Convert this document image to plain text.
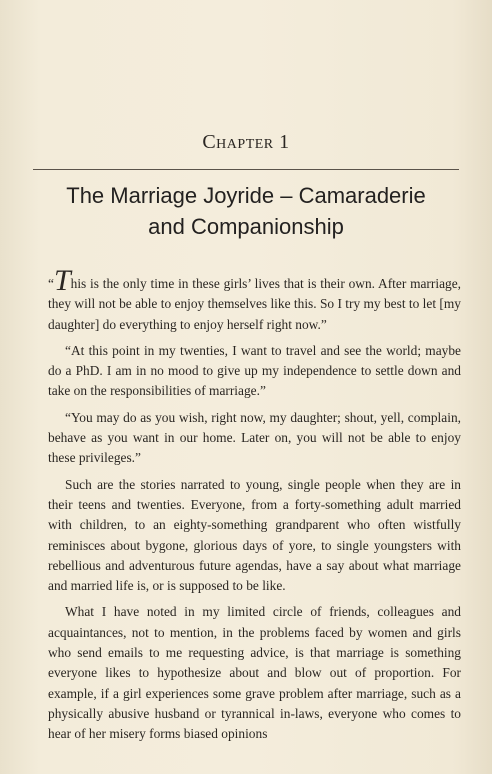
Chapter 1
The Marriage Joyride – Camaraderie
and Companionship

“This is the only time in these girls’ lives that is their own. After marriage, they will not be able to enjoy themselves like this. So I try my best to let [my daughter] do everything to enjoy herself right now.”

“At this point in my twenties, I want to travel and see the world; maybe do a PhD. I am in no mood to give up my independence to settle down and take on the responsibilities of marriage.”

“You may do as you wish, right now, my daughter; shout, yell, complain, behave as you want in our home. Later on, you will not be able to enjoy these privileges.”

Such are the stories narrated to young, single people when they are in their teens and twenties. Everyone, from a forty-something adult married with children, to an eighty-something grandparent who often wistfully reminisces about bygone, glorious days of yore, to single youngsters with rebellious and adventurous future agendas, have a say about what marriage and married life is, or is supposed to be like.

What I have noted in my limited circle of friends, colleagues and acquaintances, not to mention, in the problems faced by women and girls who send emails to me requesting advice, is that marriage is something everyone likes to hypothesize about and blow out of proportion. For example, if a girl experiences some grave problem after marriage, such as a physically abusive husband or tyrannical in-laws, everyone who comes to hear of her misery forms biased opinions
